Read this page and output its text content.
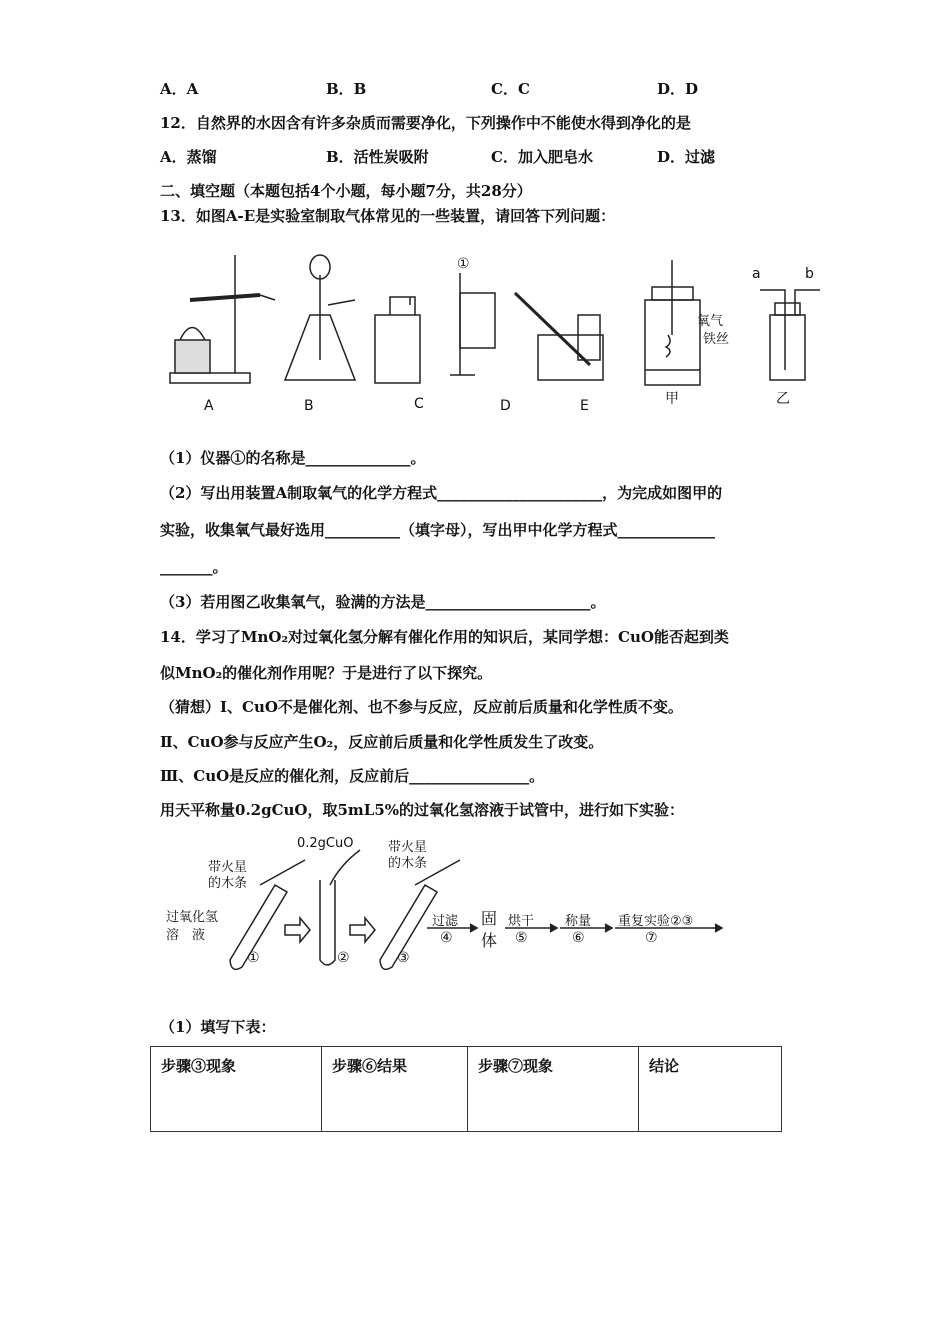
A．A	B．B	C．C	D．D
12．自然界的水因含有许多杂质而需要净化，下列操作中不能使水得到净化的是
A．蒸馏	B．活性炭吸附	C．加入肥皂水	D．过滤
二、填空题（本题包括4个小题，每小题7分，共28分）
13．如图A-E是实验室制取气体常见的一些装置，请回答下列问题：
①
氧气
铁丝
a	b
A	B	C	D	E	甲	乙
（1）仪器①的名称是______________。
（2）写出用装置A制取氧气的化学方程式______________________，为完成如图甲的
实验，收集氧气最好选用__________（填字母），写出甲中化学方程式_____________
_______。
（3）若用图乙收集氧气，验满的方法是______________________。
14．学习了MnO₂对过氧化氢分解有催化作用的知识后，某同学想：CuO能否起到类
似MnO₂的催化剂作用呢？于是进行了以下探究。
（猜想）Ⅰ、CuO不是催化剂、也不参与反应，反应前后质量和化学性质不变。
Ⅱ、CuO参与反应产生O₂，反应前后质量和化学性质发生了改变。
Ⅲ、CuO是反应的催化剂，反应前后________________。
用天平称量0.2gCuO，取5mL5%的过氧化氢溶液于试管中，进行如下实验：
带火星
的木条
0.2gCuO	带火星
的木条
过氧化氢
溶　液
①	②	③
过滤
④
固
体
烘干
⑤
称量
⑥
重复实验②③
⑦
（1）填写下表：
步骤③现象	步骤⑥结果	步骤⑦现象	结论
